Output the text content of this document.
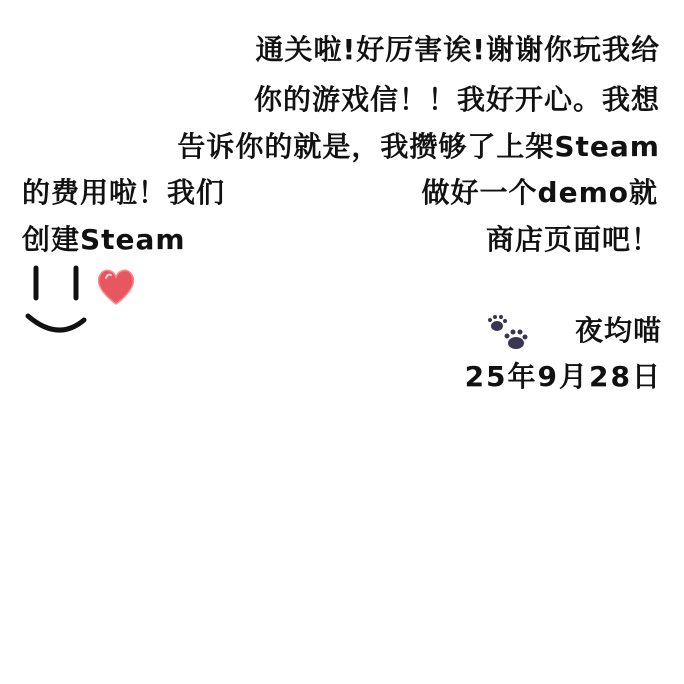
通关啦!好厉害诶!谢谢你玩我给
你的游戏信！！我好开心。我想
告诉你的就是，我攒够了上架Steam
的费用啦！我们	做好一个demo就
创建Steam	商店页面吧！
夜均喵
25年9月28日
